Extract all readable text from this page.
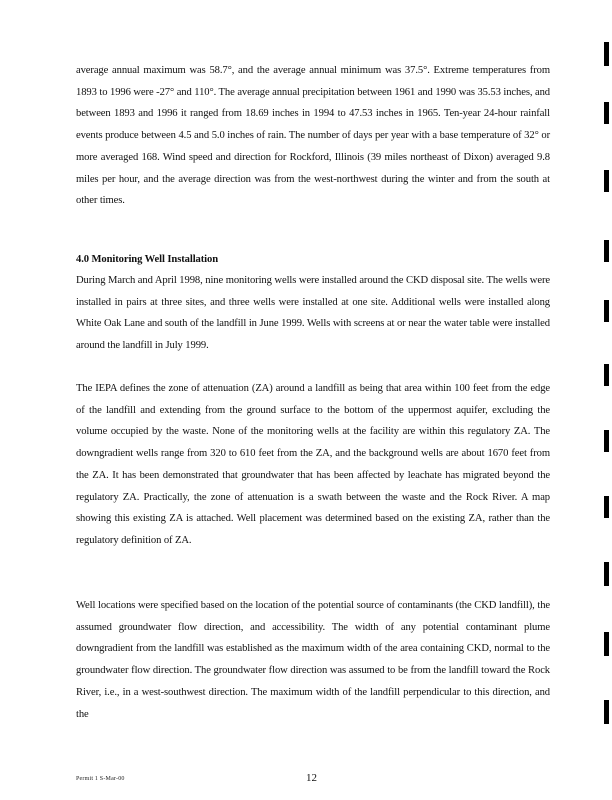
average annual maximum was 58.7°, and the average annual minimum was 37.5°. Extreme temperatures from 1893 to 1996 were -27° and 110°. The average annual precipitation between 1961 and 1990 was 35.53 inches, and between 1893 and 1996 it ranged from 18.69 inches in 1994 to 47.53 inches in 1965. Ten-year 24-hour rainfall events produce between 4.5 and 5.0 inches of rain. The number of days per year with a base temperature of 32° or more averaged 168. Wind speed and direction for Rockford, Illinois (39 miles northeast of Dixon) averaged 9.8 miles per hour, and the average direction was from the west-northwest during the winter and from the south at other times.
4.0 Monitoring Well Installation
During March and April 1998, nine monitoring wells were installed around the CKD disposal site. The wells were installed in pairs at three sites, and three wells were installed at one site. Additional wells were installed along White Oak Lane and south of the landfill in June 1999. Wells with screens at or near the water table were installed around the landfill in July 1999.
The IEPA defines the zone of attenuation (ZA) around a landfill as being that area within 100 feet from the edge of the landfill and extending from the ground surface to the bottom of the uppermost aquifer, excluding the volume occupied by the waste. None of the monitoring wells at the facility are within this regulatory ZA. The downgradient wells range from 320 to 610 feet from the ZA, and the background wells are about 1670 feet from the ZA. It has been demonstrated that groundwater that has been affected by leachate has migrated beyond the regulatory ZA. Practically, the zone of attenuation is a swath between the waste and the Rock River. A map showing this existing ZA is attached. Well placement was determined based on the existing ZA, rather than the regulatory definition of ZA.
Well locations were specified based on the location of the potential source of contaminants (the CKD landfill), the assumed groundwater flow direction, and accessibility. The width of any potential contaminant plume downgradient from the landfill was established as the maximum width of the area containing CKD, normal to the groundwater flow direction. The groundwater flow direction was assumed to be from the landfill toward the Rock River, i.e., in a west-southwest direction. The maximum width of the landfill perpendicular to this direction, and the
Permit 1 S-Mar-00	12
